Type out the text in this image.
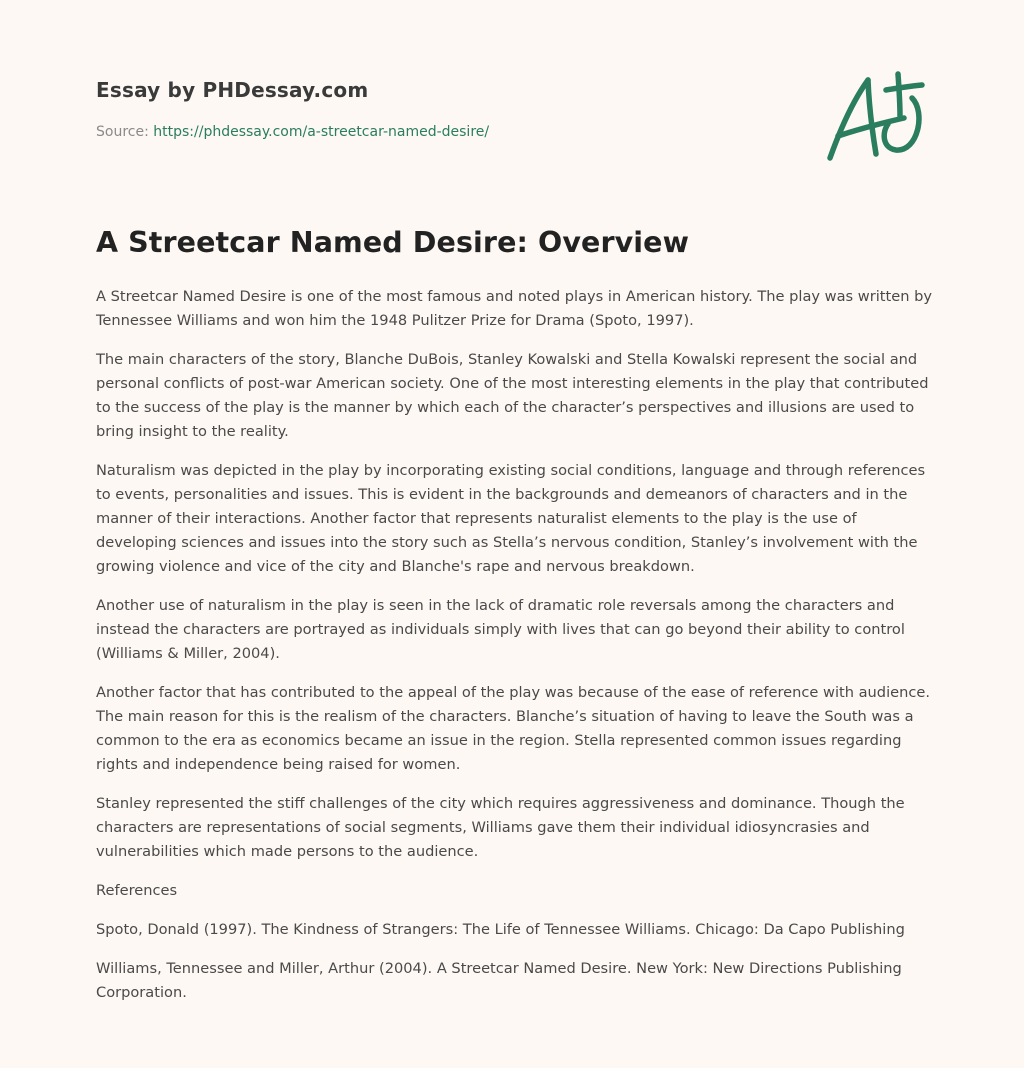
Essay by PHDessay.com
Source: https://phdessay.com/a-streetcar-named-desire/
A Streetcar Named Desire: Overview

A Streetcar Named Desire is one of the most famous and noted plays in American history. The play was written by Tennessee Williams and won him the 1948 Pulitzer Prize for Drama (Spoto, 1997).

The main characters of the story, Blanche DuBois, Stanley Kowalski and Stella Kowalski represent the social and personal conflicts of post-war American society. One of the most interesting elements in the play that contributed to the success of the play is the manner by which each of the character’s perspectives and illusions are used to bring insight to the reality.

Naturalism was depicted in the play by incorporating existing social conditions, language and through references to events, personalities and issues. This is evident in the backgrounds and demeanors of characters and in the manner of their interactions. Another factor that represents naturalist elements to the play is the use of developing sciences and issues into the story such as Stella’s nervous condition, Stanley’s involvement with the growing violence and vice of the city and Blanche's rape and nervous breakdown.

Another use of naturalism in the play is seen in the lack of dramatic role reversals among the characters and instead the characters are portrayed as individuals simply with lives that can go beyond their ability to control (Williams & Miller, 2004).

Another factor that has contributed to the appeal of the play was because of the ease of reference with audience. The main reason for this is the realism of the characters. Blanche’s situation of having to leave the South was a common to the era as economics became an issue in the region. Stella represented common issues regarding rights and independence being raised for women.

Stanley represented the stiff challenges of the city which requires aggressiveness and dominance. Though the characters are representations of social segments, Williams gave them their individual idiosyncrasies and vulnerabilities which made persons to the audience.

References

Spoto, Donald (1997). The Kindness of Strangers: The Life of Tennessee Williams. Chicago: Da Capo Publishing

Williams, Tennessee and Miller, Arthur (2004). A Streetcar Named Desire. New York: New Directions Publishing Corporation.
